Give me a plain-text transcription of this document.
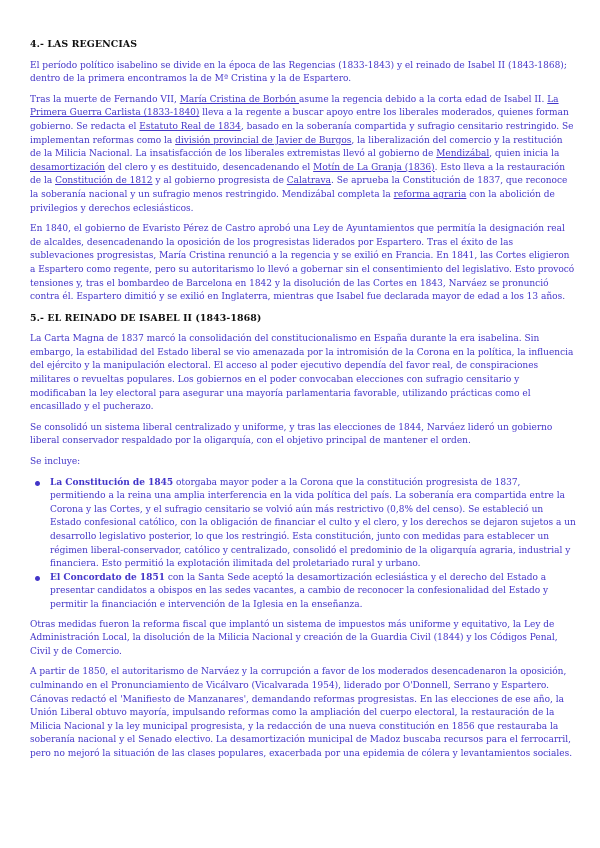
4.- LAS REGENCIAS

El período político isabelino se divide en la época de las Regencias (1833-1843) y el reinado de Isabel II (1843-1868); dentro de la primera encontramos la de Mª Cristina y la de Espartero.

Tras la muerte de Fernando VII, María Cristina de Borbón asume la regencia debido a la corta edad de Isabel II. La Primera Guerra Carlista (1833-1840) lleva a la regente a buscar apoyo entre los liberales moderados, quienes forman gobierno. Se redacta el Estatuto Real de 1834, basado en la soberanía compartida y sufragio censitario restringido. Se implementan reformas como la división provincial de Javier de Burgos, la liberalización del comercio y la restitución de la Milicia Nacional. La insatisfacción de los liberales extremistas llevó al gobierno de Mendizábal, quien inicia la desamortización del clero y es destituido, desencadenando el Motín de La Granja (1836). Esto lleva a la restauración de la Constitución de 1812 y al gobierno progresista de Calatrava. Se aprueba la Constitución de 1837, que reconoce la soberanía nacional y un sufragio menos restringido. Mendizábal completa la reforma agraria con la abolición de privilegios y derechos eclesiásticos.

En 1840, el gobierno de Evaristo Pérez de Castro aprobó una Ley de Ayuntamientos que permitía la designación real de alcaldes, desencadenando la oposición de los progresistas liderados por Espartero. Tras el éxito de las sublevaciones progresistas, María Cristina renunció a la regencia y se exilió en Francia. En 1841, las Cortes eligieron a Espartero como regente, pero su autoritarismo lo llevó a gobernar sin el consentimiento del legislativo. Esto provocó tensiones y, tras el bombardeo de Barcelona en 1842 y la disolución de las Cortes en 1843, Narváez se pronunció contra él. Espartero dimitió y se exilió en Inglaterra, mientras que Isabel fue declarada mayor de edad a los 13 años.

5.- EL REINADO DE ISABEL II (1843-1868)

La Carta Magna de 1837 marcó la consolidación del constitucionalismo en España durante la era isabelina. Sin embargo, la estabilidad del Estado liberal se vio amenazada por la intromisión de la Corona en la política, la influencia del ejército y la manipulación electoral. El acceso al poder ejecutivo dependía del favor real, de conspiraciones militares o revueltas populares. Los gobiernos en el poder convocaban elecciones con sufragio censitario y modificaban la ley electoral para asegurar una mayoría parlamentaria favorable, utilizando prácticas como el encasillado y el pucherazo.

Se consolidó un sistema liberal centralizado y uniforme, y tras las elecciones de 1844, Narváez lideró un gobierno liberal conservador respaldado por la oligarquía, con el objetivo principal de mantener el orden.

Se incluye:

La Constitución de 1845 otorgaba mayor poder a la Corona que la constitución progresista de 1837, permitiendo a la reina una amplia interferencia en la vida política del país. La soberanía era compartida entre la Corona y las Cortes, y el sufragio censitario se volvió aún más restrictivo (0,8% del censo). Se estableció un Estado confesional católico, con la obligación de financiar el culto y el clero, y los derechos se dejaron sujetos a un desarrollo legislativo posterior, lo que los restringió. Esta constitución, junto con medidas para establecer un régimen liberal-conservador, católico y centralizado, consolidó el predominio de la oligarquía agraria, industrial y financiera. Esto permitió la explotación ilimitada del proletariado rural y urbano.
El Concordato de 1851 con la Santa Sede aceptó la desamortización eclesiástica y el derecho del Estado a presentar candidatos a obispos en las sedes vacantes, a cambio de reconocer la confesionalidad del Estado y permitir la financiación e intervención de la Iglesia en la enseñanza.

Otras medidas fueron la reforma fiscal que implantó un sistema de impuestos más uniforme y equitativo, la Ley de Administración Local, la disolución de la Milicia Nacional y creación de la Guardia Civil (1844) y los Códigos Penal, Civil y de Comercio.

A partir de 1850, el autoritarismo de Narváez y la corrupción a favor de los moderados desencadenaron la oposición, culminando en el Pronunciamiento de Vicálvaro (Vicalvarada 1954), liderado por O'Donnell, Serrano y Espartero. Cánovas redactó el 'Manifiesto de Manzanares', demandando reformas progresistas. En las elecciones de ese año, la Unión Liberal obtuvo mayoría, impulsando reformas como la ampliación del cuerpo electoral, la restauración de la Milicia Nacional y la ley municipal progresista, y la redacción de una nueva constitución en 1856 que restauraba la soberanía nacional y el Senado electivo. La desamortización municipal de Madoz buscaba recursos para el ferrocarril, pero no mejoró la situación de las clases populares, exacerbada por una epidemia de cólera y levantamientos sociales.
